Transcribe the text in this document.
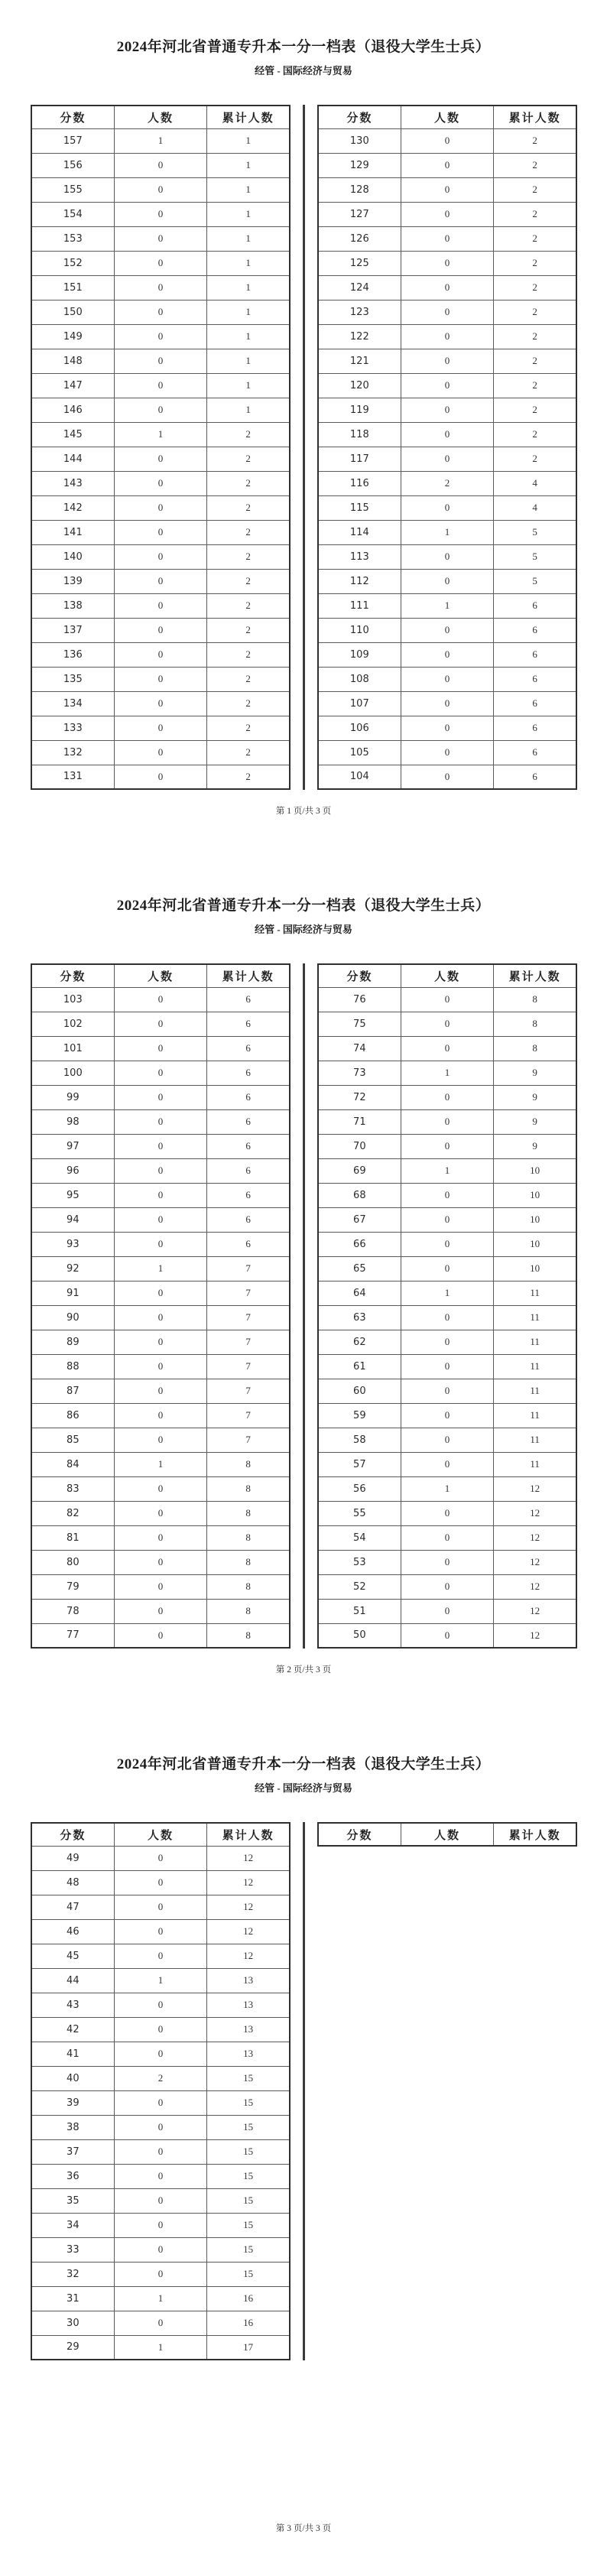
2024年河北省普通专升本一分一档表（退役大学生士兵）
经管 - 国际经济与贸易
分数	人数	累计人数
157	1	1
156	0	1
155	0	1
154	0	1
153	0	1
152	0	1
151	0	1
150	0	1
149	0	1
148	0	1
147	0	1
146	0	1
145	1	2
144	0	2
143	0	2
142	0	2
141	0	2
140	0	2
139	0	2
138	0	2
137	0	2
136	0	2
135	0	2
134	0	2
133	0	2
132	0	2
131	0	2
分数	人数	累计人数
130	0	2
129	0	2
128	0	2
127	0	2
126	0	2
125	0	2
124	0	2
123	0	2
122	0	2
121	0	2
120	0	2
119	0	2
118	0	2
117	0	2
116	2	4
115	0	4
114	1	5
113	0	5
112	0	5
111	1	6
110	0	6
109	0	6
108	0	6
107	0	6
106	0	6
105	0	6
104	0	6
第 1 页/共 3 页
2024年河北省普通专升本一分一档表（退役大学生士兵）
经管 - 国际经济与贸易
分数	人数	累计人数
103	0	6
102	0	6
101	0	6
100	0	6
99	0	6
98	0	6
97	0	6
96	0	6
95	0	6
94	0	6
93	0	6
92	1	7
91	0	7
90	0	7
89	0	7
88	0	7
87	0	7
86	0	7
85	0	7
84	1	8
83	0	8
82	0	8
81	0	8
80	0	8
79	0	8
78	0	8
77	0	8
分数	人数	累计人数
76	0	8
75	0	8
74	0	8
73	1	9
72	0	9
71	0	9
70	0	9
69	1	10
68	0	10
67	0	10
66	0	10
65	0	10
64	1	11
63	0	11
62	0	11
61	0	11
60	0	11
59	0	11
58	0	11
57	0	11
56	1	12
55	0	12
54	0	12
53	0	12
52	0	12
51	0	12
50	0	12
第 2 页/共 3 页
2024年河北省普通专升本一分一档表（退役大学生士兵）
经管 - 国际经济与贸易
分数	人数	累计人数
49	0	12
48	0	12
47	0	12
46	0	12
45	0	12
44	1	13
43	0	13
42	0	13
41	0	13
40	2	15
39	0	15
38	0	15
37	0	15
36	0	15
35	0	15
34	0	15
33	0	15
32	0	15
31	1	16
30	0	16
29	1	17
分数	人数	累计人数
第 3 页/共 3 页
